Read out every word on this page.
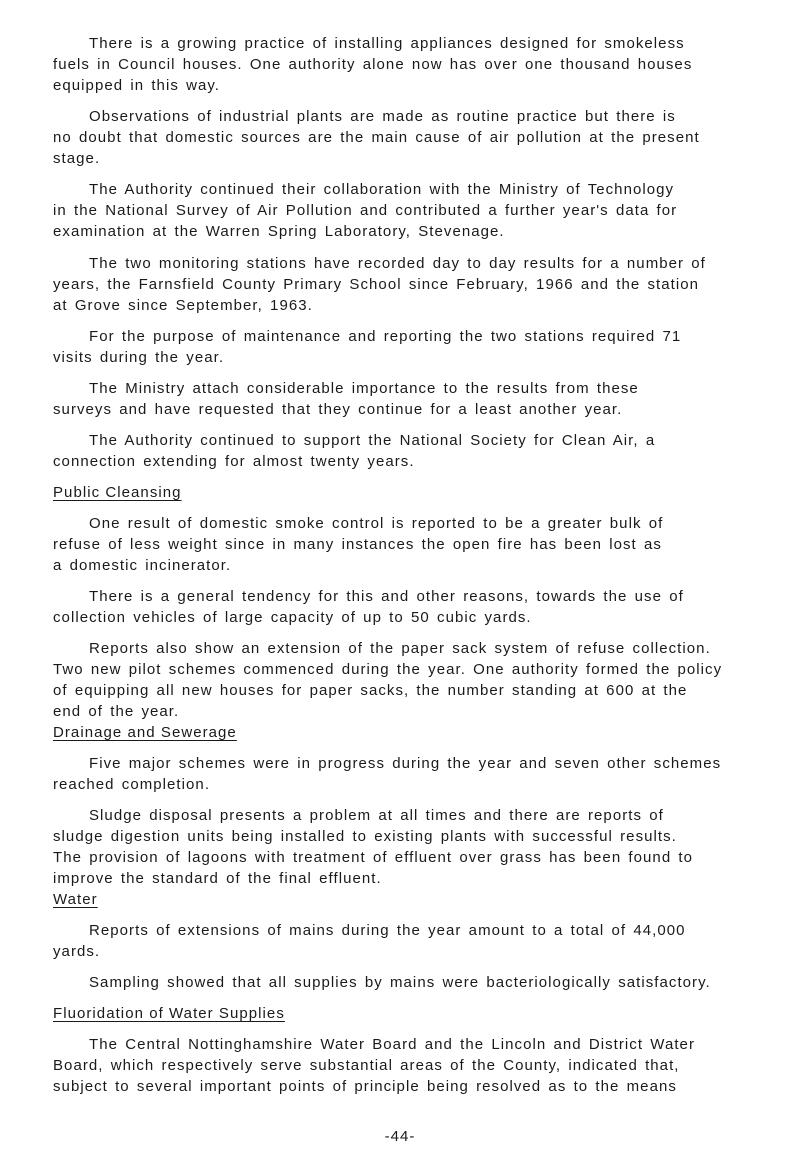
There is a growing practice of installing appliances designed for smokeless
fuels in Council houses. One authority alone now has over one thousand houses
equipped in this way.

Observations of industrial plants are made as routine practice but there is
no doubt that domestic sources are the main cause of air pollution at the present
stage.

The Authority continued their collaboration with the Ministry of Technology
in the National Survey of Air Pollution and contributed a further year's data for
examination at the Warren Spring Laboratory, Stevenage.

The two monitoring stations have recorded day to day results for a number of
years, the Farnsfield County Primary School since February, 1966 and the station
at Grove since September, 1963.

For the purpose of maintenance and reporting the two stations required 71
visits during the year.

The Ministry attach considerable importance to the results from these
surveys and have requested that they continue for a least another year.

The Authority continued to support the National Society for Clean Air, a
connection extending for almost twenty years.

Public Cleansing

One result of domestic smoke control is reported to be a greater bulk of
refuse of less weight since in many instances the open fire has been lost as
a domestic incinerator.

There is a general tendency for this and other reasons, towards the use of
collection vehicles of large capacity of up to 50 cubic yards.

Reports also show an extension of the paper sack system of refuse collection.
Two new pilot schemes commenced during the year. One authority formed the policy
of equipping all new houses for paper sacks, the number standing at 600 at the
end of the year.

Drainage and Sewerage

Five major schemes were in progress during the year and seven other schemes
reached completion.

Sludge disposal presents a problem at all times and there are reports of
sludge digestion units being installed to existing plants with successful results.
The provision of lagoons with treatment of effluent over grass has been found to
improve the standard of the final effluent.

Water

Reports of extensions of mains during the year amount to a total of 44,000
yards.

Sampling showed that all supplies by mains were bacteriologically satisfactory.

Fluoridation of Water Supplies

The Central Nottinghamshire Water Board and the Lincoln and District Water
Board, which respectively serve substantial areas of the County, indicated that,
subject to several important points of principle being resolved as to the means

-44-
